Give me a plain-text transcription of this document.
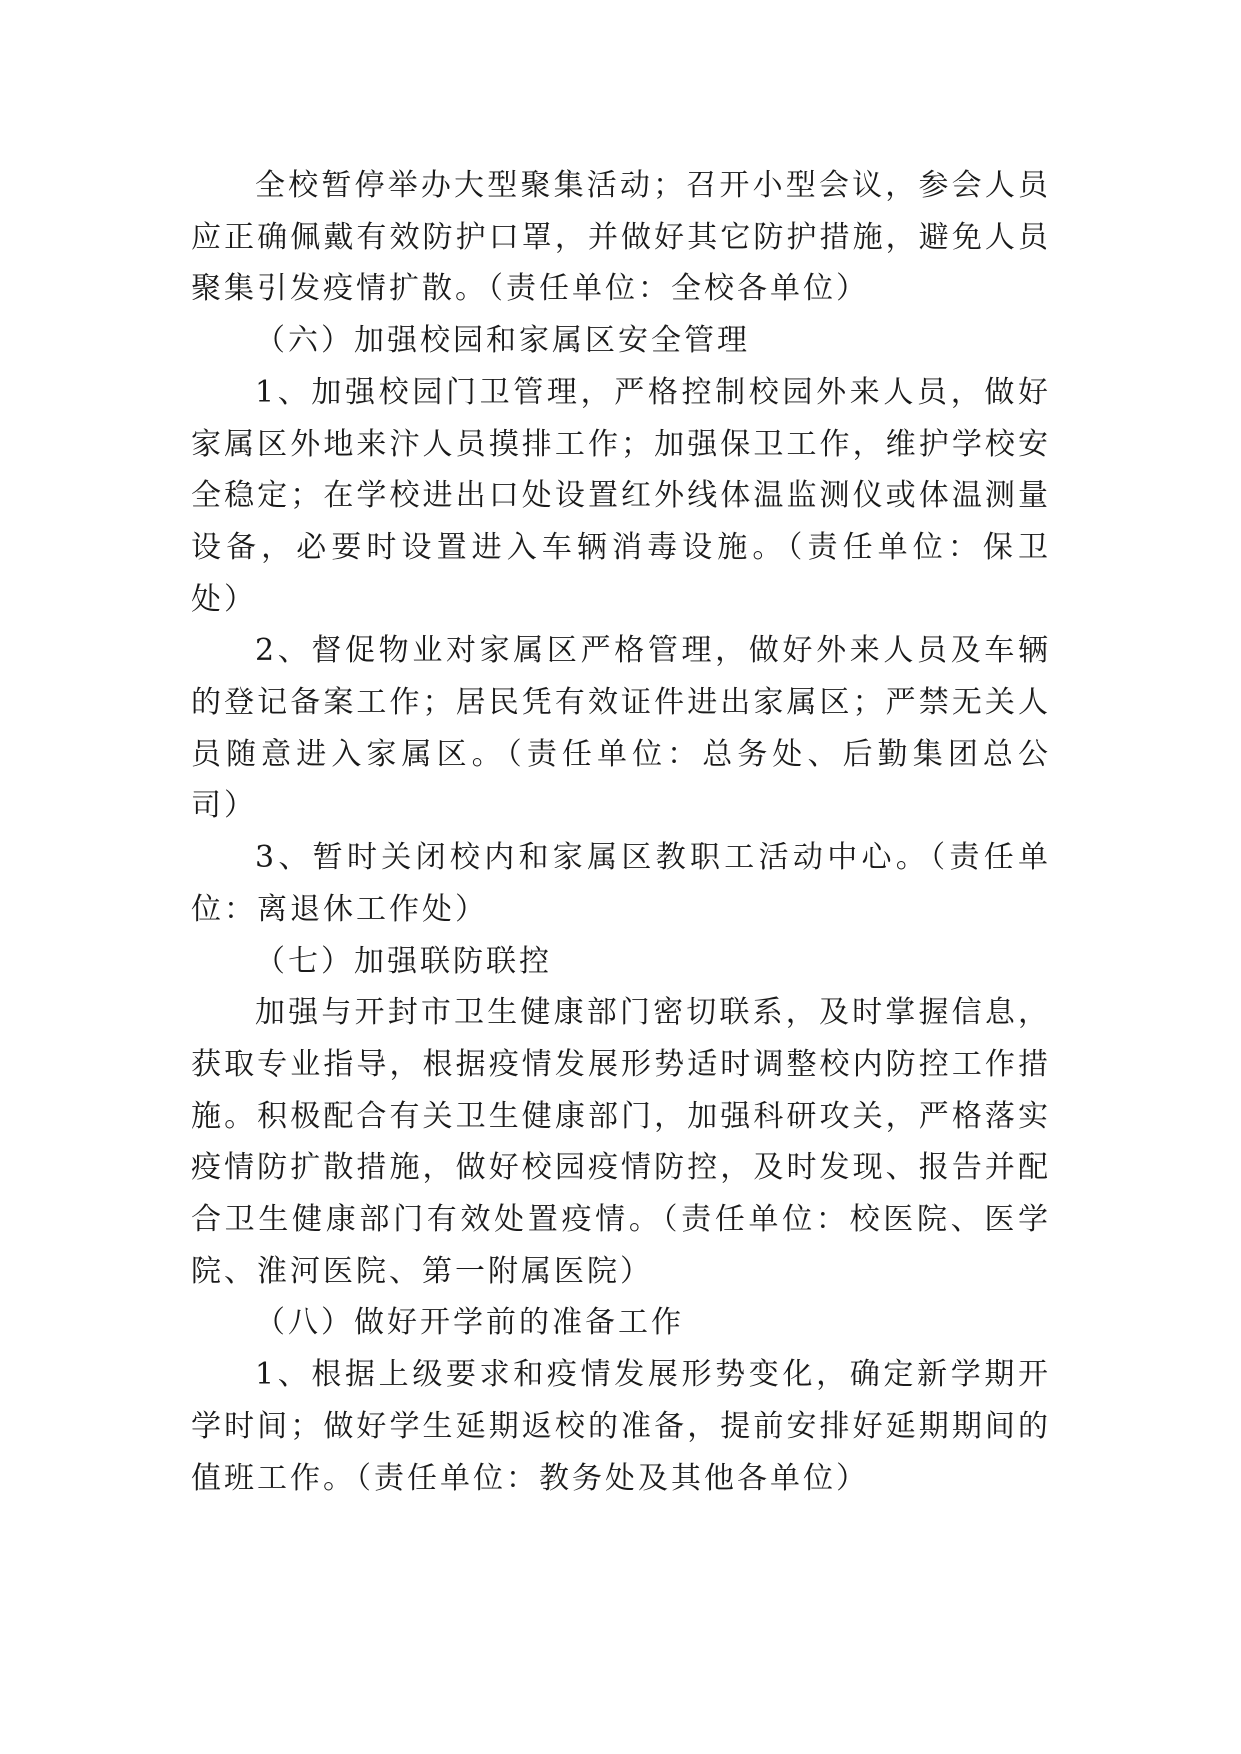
全校暂停举办大型聚集活动；召开小型会议，参会人员应正确佩戴有效防护口罩，并做好其它防护措施，避免人员聚集引发疫情扩散。（责任单位：全校各单位）

（六）加强校园和家属区安全管理

1、加强校园门卫管理，严格控制校园外来人员，做好家属区外地来汴人员摸排工作；加强保卫工作，维护学校安全稳定；在学校进出口处设置红外线体温监测仪或体温测量设备，必要时设置进入车辆消毒设施。（责任单位：保卫处）

2、督促物业对家属区严格管理，做好外来人员及车辆的登记备案工作；居民凭有效证件进出家属区；严禁无关人员随意进入家属区。（责任单位：总务处、后勤集团总公司）

3、暂时关闭校内和家属区教职工活动中心。（责任单位：离退休工作处）

（七）加强联防联控

加强与开封市卫生健康部门密切联系，及时掌握信息，获取专业指导，根据疫情发展形势适时调整校内防控工作措施。积极配合有关卫生健康部门，加强科研攻关，严格落实疫情防扩散措施，做好校园疫情防控，及时发现、报告并配合卫生健康部门有效处置疫情。（责任单位：校医院、医学院、淮河医院、第一附属医院）

（八）做好开学前的准备工作

1、根据上级要求和疫情发展形势变化，确定新学期开学时间；做好学生延期返校的准备，提前安排好延期期间的值班工作。（责任单位：教务处及其他各单位）
